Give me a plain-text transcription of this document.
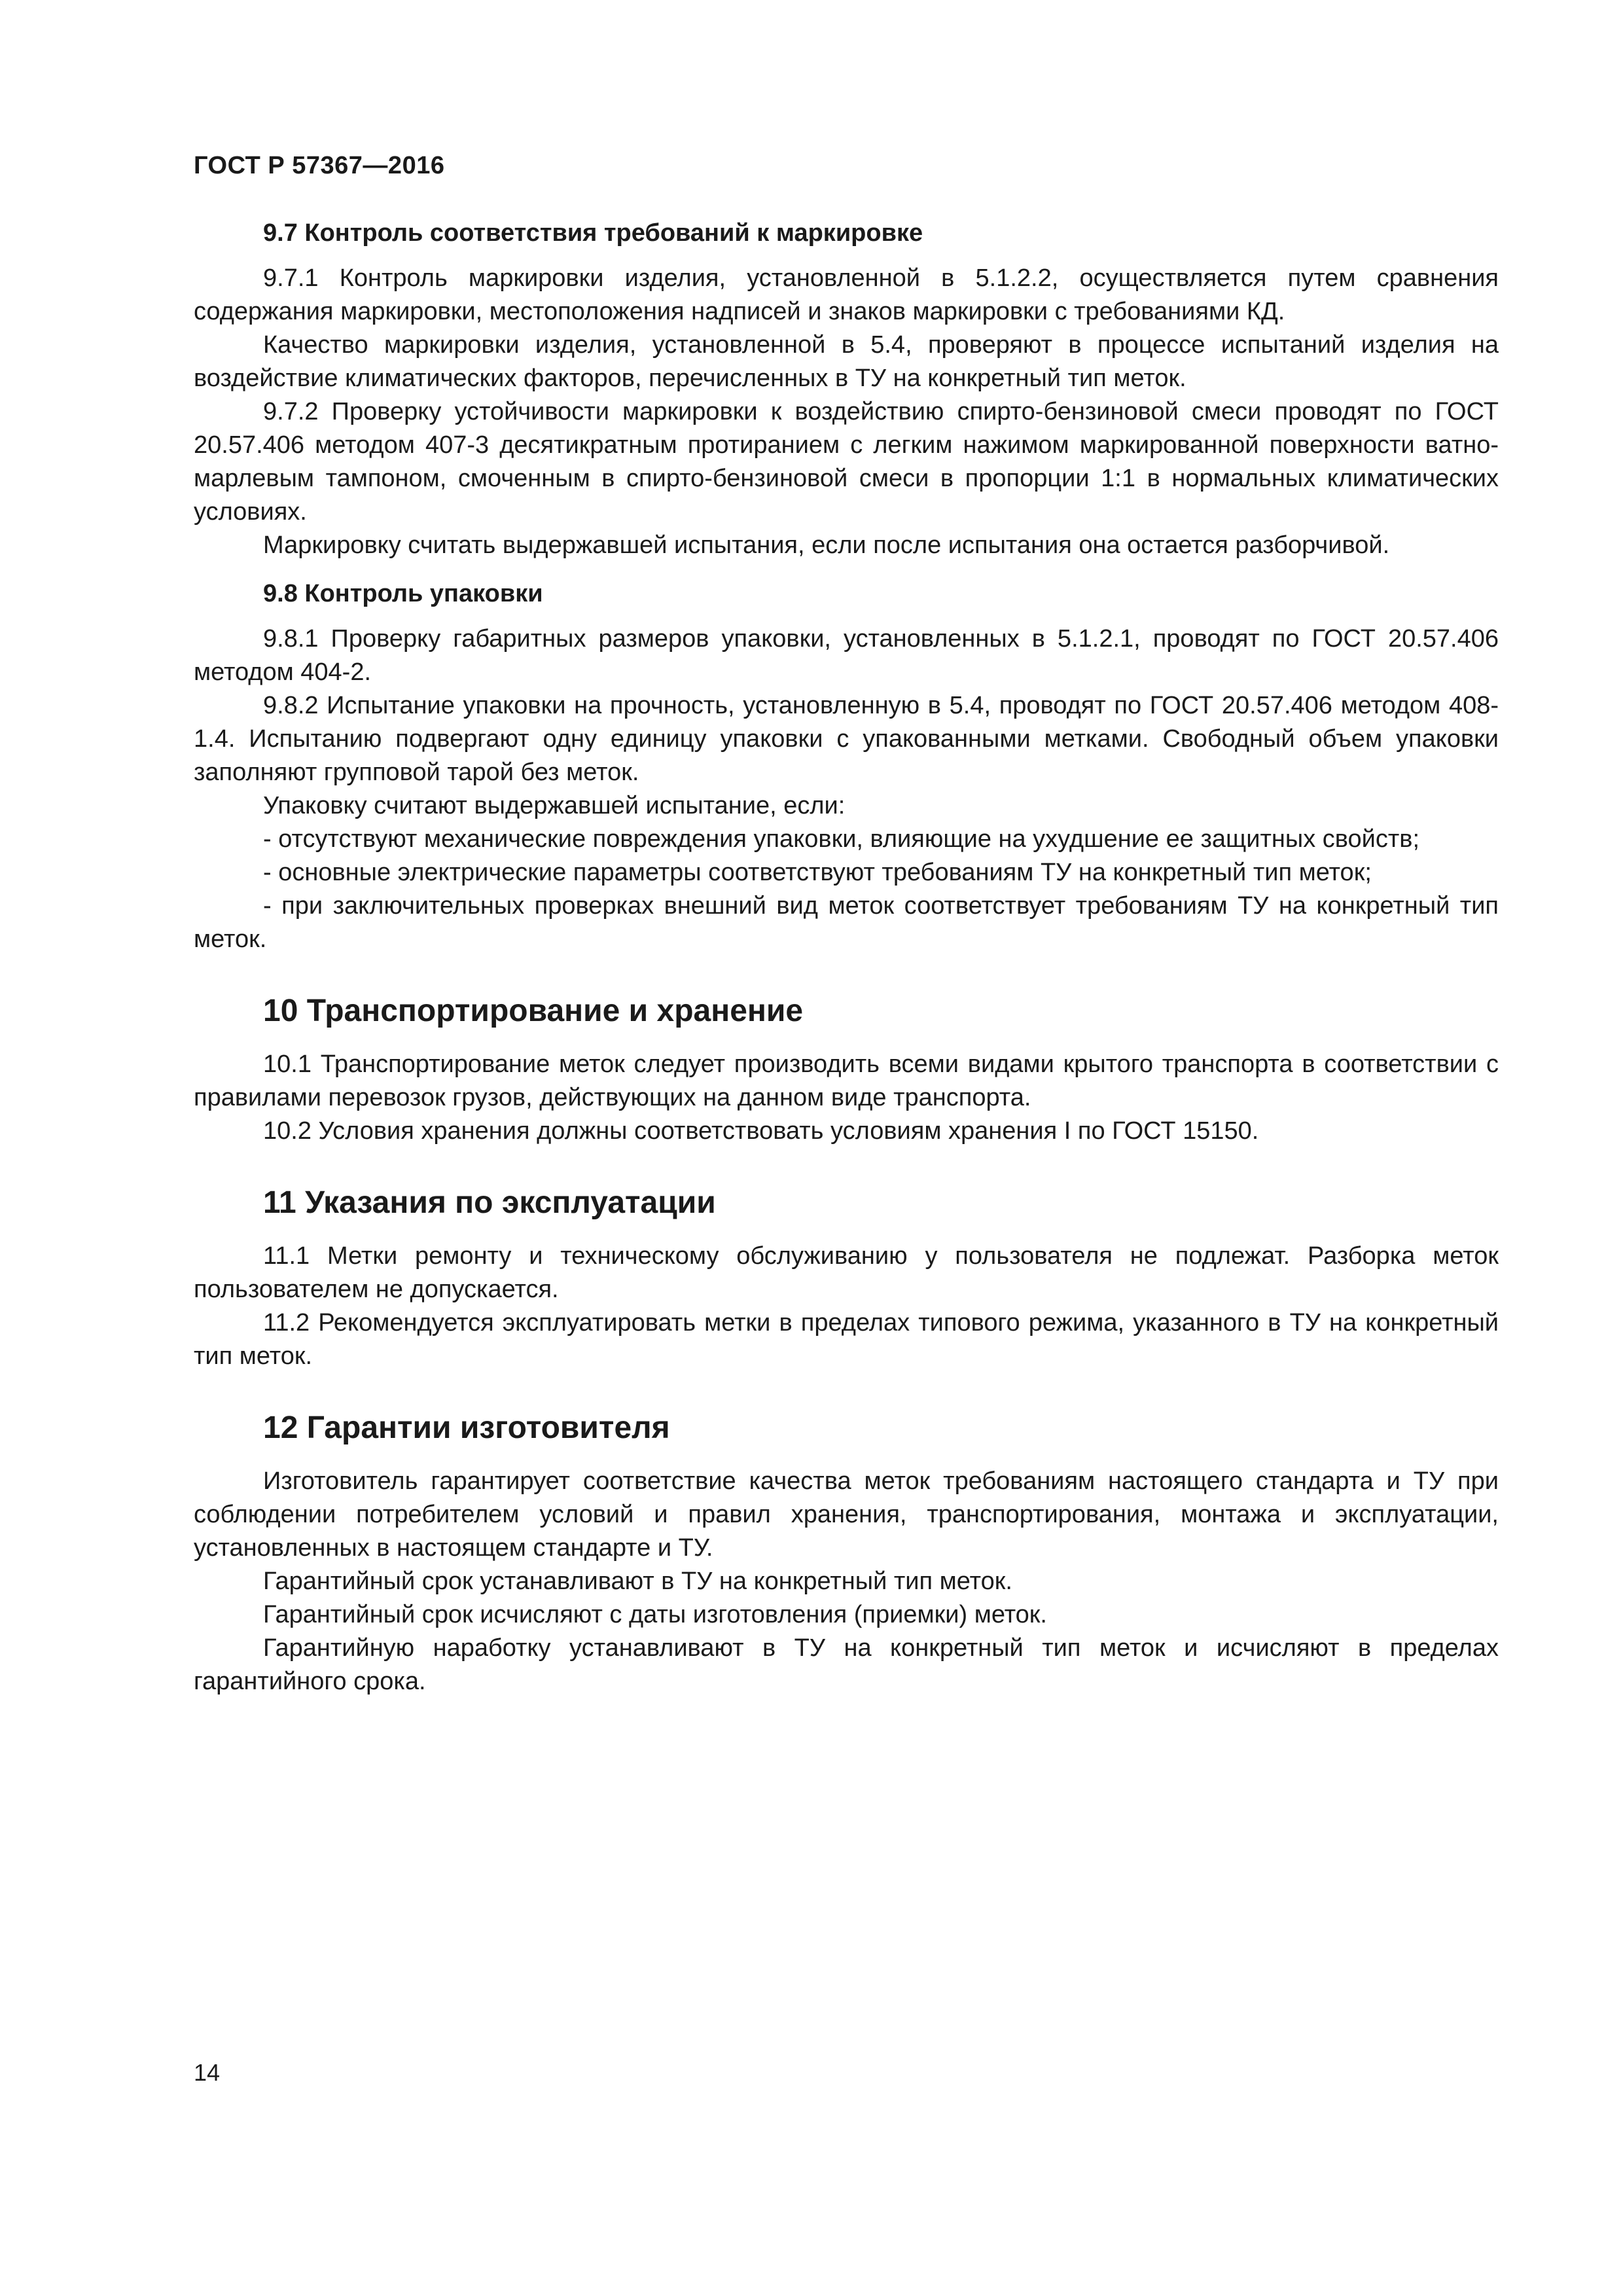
ГОСТ Р 57367—2016
9.7 Контроль соответствия требований к маркировке

9.7.1 Контроль маркировки изделия, установленной в 5.1.2.2, осуществляется путем сравнения содержания маркировки, местоположения надписей и знаков маркировки с требованиями КД.

Качество маркировки изделия, установленной в 5.4, проверяют в процессе испытаний изделия на воздействие климатических факторов, перечисленных в ТУ на конкретный тип меток.

9.7.2 Проверку устойчивости маркировки к воздействию спирто-бензиновой смеси проводят по ГОСТ 20.57.406 методом 407-3 десятикратным протиранием с легким нажимом маркированной поверхности ватно-марлевым тампоном, смоченным в спирто-бензиновой смеси в пропорции 1:1 в нормальных климатических условиях.

Маркировку считать выдержавшей испытания, если после испытания она остается разборчивой.

9.8 Контроль упаковки

9.8.1 Проверку габаритных размеров упаковки, установленных в 5.1.2.1, проводят по ГОСТ 20.57.406 методом 404-2.

9.8.2 Испытание упаковки на прочность, установленную в 5.4, проводят по ГОСТ 20.57.406 методом 408-1.4. Испытанию подвергают одну единицу упаковки с упакованными метками. Свободный объем упаковки заполняют групповой тарой без меток.

Упаковку считают выдержавшей испытание, если:

- отсутствуют механические повреждения упаковки, влияющие на ухудшение ее защитных свойств;

- основные электрические параметры соответствуют требованиям ТУ на конкретный тип меток;

- при заключительных проверках внешний вид меток соответствует требованиям ТУ на конкретный тип меток.

10 Транспортирование и хранение

10.1 Транспортирование меток следует производить всеми видами крытого транспорта в соответствии с правилами перевозок грузов, действующих на данном виде транспорта.

10.2 Условия хранения должны соответствовать условиям хранения I по ГОСТ 15150.

11 Указания по эксплуатации

11.1 Метки ремонту и техническому обслуживанию у пользователя не подлежат. Разборка меток пользователем не допускается.

11.2 Рекомендуется эксплуатировать метки в пределах типового режима, указанного в ТУ на конкретный тип меток.

12 Гарантии изготовителя

Изготовитель гарантирует соответствие качества меток требованиям настоящего стандарта и ТУ при соблюдении потребителем условий и правил хранения, транспортирования, монтажа и эксплуатации, установленных в настоящем стандарте и ТУ.

Гарантийный срок устанавливают в ТУ на конкретный тип меток.

Гарантийный срок исчисляют с даты изготовления (приемки) меток.

Гарантийную наработку устанавливают в ТУ на конкретный тип меток и исчисляют в пределах гарантийного срока.

14
